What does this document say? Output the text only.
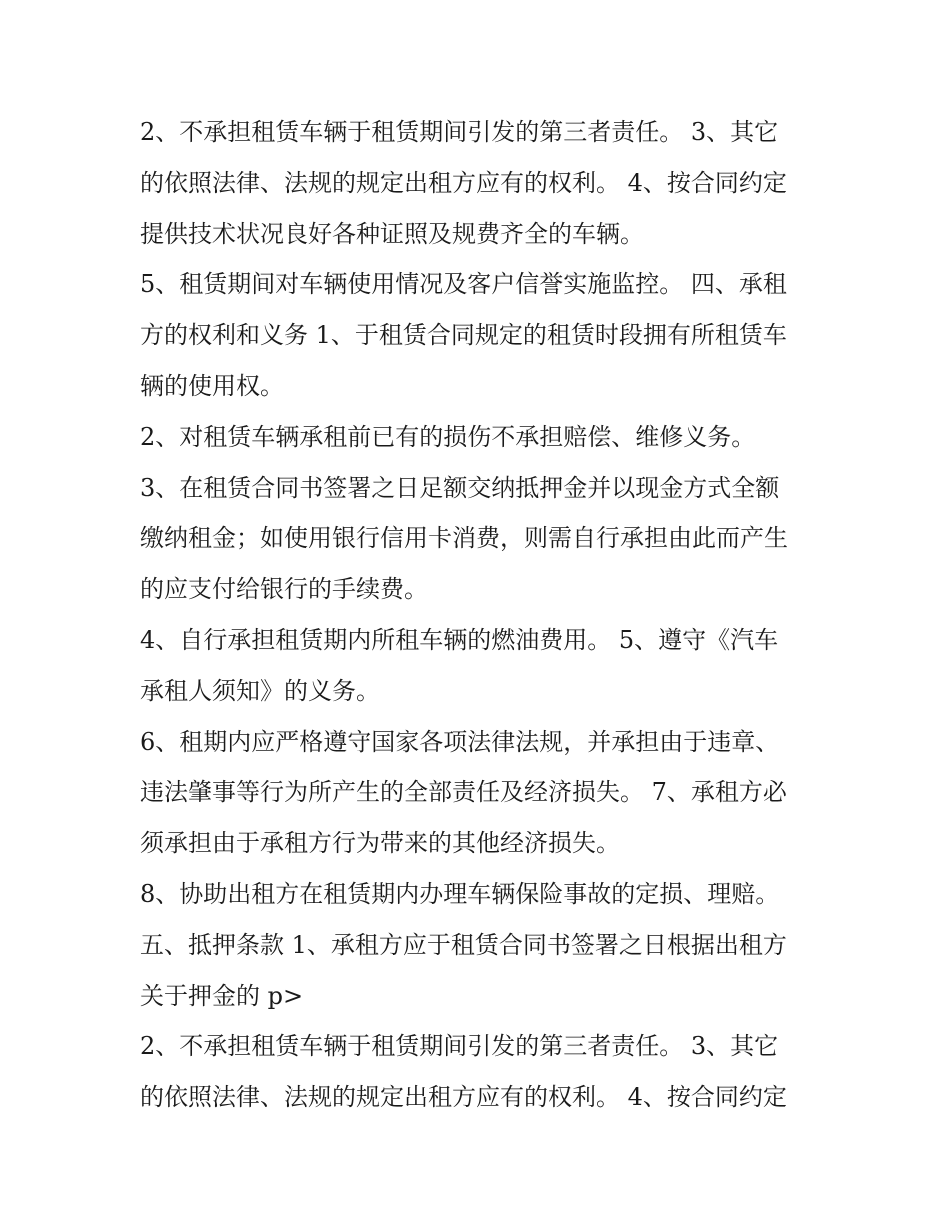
2、不承担租赁车辆于租赁期间引发的第三者责任。 3、其它
的依照法律、法规的规定出租方应有的权利。 4、按合同约定
提供技术状况良好各种证照及规费齐全的车辆。

5、租赁期间对车辆使用情况及客户信誉实施监控。 四、承租
方的权利和义务 1、于租赁合同规定的租赁时段拥有所租赁车
辆的使用权。

2、对租赁车辆承租前已有的损伤不承担赔偿、维修义务。

3、在租赁合同书签署之日足额交纳抵押金并以现金方式全额
缴纳租金；如使用银行信用卡消费，则需自行承担由此而产生
的应支付给银行的手续费。

4、自行承担租赁期内所租车辆的燃油费用。 5、遵守《汽车
承租人须知》的义务。

6、租期内应严格遵守国家各项法律法规，并承担由于违章、
违法肇事等行为所产生的全部责任及经济损失。 7、承租方必
须承担由于承租方行为带来的其他经济损失。

8、协助出租方在租赁期内办理车辆保险事故的定损、理赔。

五、抵押条款 1、承租方应于租赁合同书签署之日根据出租方
关于押金的 p>

2、不承担租赁车辆于租赁期间引发的第三者责任。 3、其它
的依照法律、法规的规定出租方应有的权利。 4、按合同约定
